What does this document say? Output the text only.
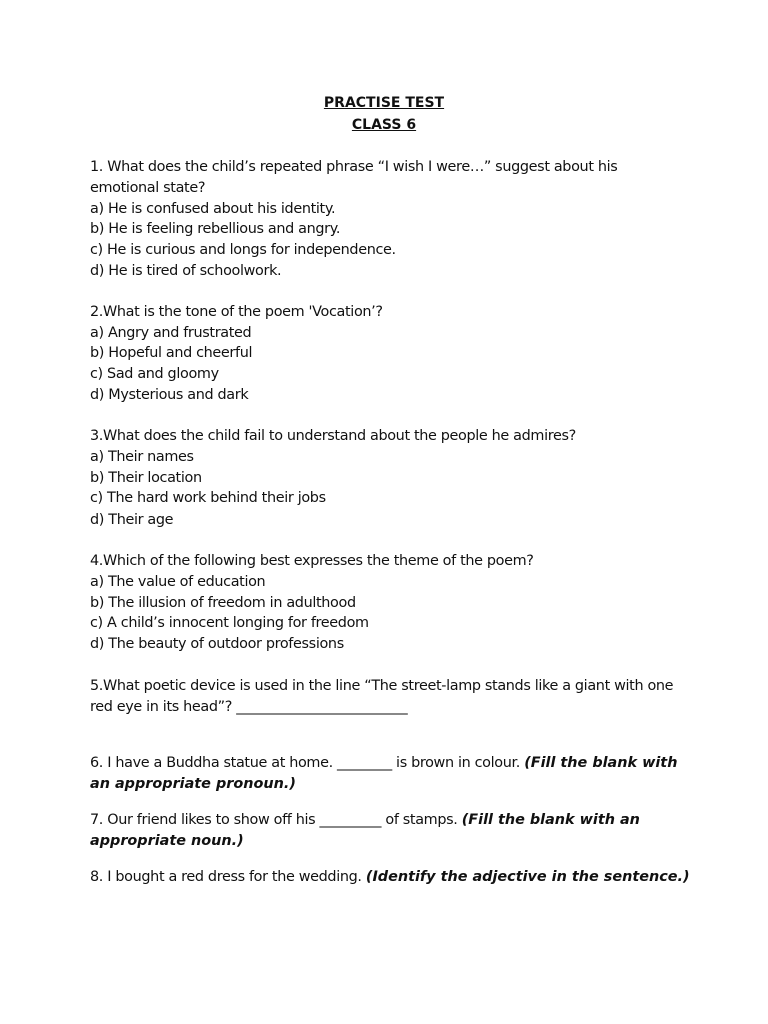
PRACTISE TEST
CLASS 6
1. What does the child’s repeated phrase “I wish I were…” suggest about his
emotional state?
a) He is confused about his identity.
b) He is feeling rebellious and angry.
c) He is curious and longs for independence.
d) He is tired of schoolwork.
2.What is the tone of the poem 'Vocation’?
a) Angry and frustrated
b) Hopeful and cheerful
c) Sad and gloomy
d) Mysterious and dark
3.What does the child fail to understand about the people he admires?
a) Their names
b) Their location
c) The hard work behind their jobs
d) Their age
4.Which of the following best expresses the theme of the poem?
a) The value of education
b) The illusion of freedom in adulthood
c) A child’s innocent longing for freedom
d) The beauty of outdoor professions
5.What poetic device is used in the line “The street-lamp stands like a giant with one
red eye in its head”? _________________________
6. I have a Buddha statue at home. ________ is brown in colour. (Fill the blank with
an appropriate pronoun.)
7. Our friend likes to show off his _________ of stamps. (Fill the blank with an
appropriate noun.)
8. I bought a red dress for the wedding. (Identify the adjective in the sentence.)
